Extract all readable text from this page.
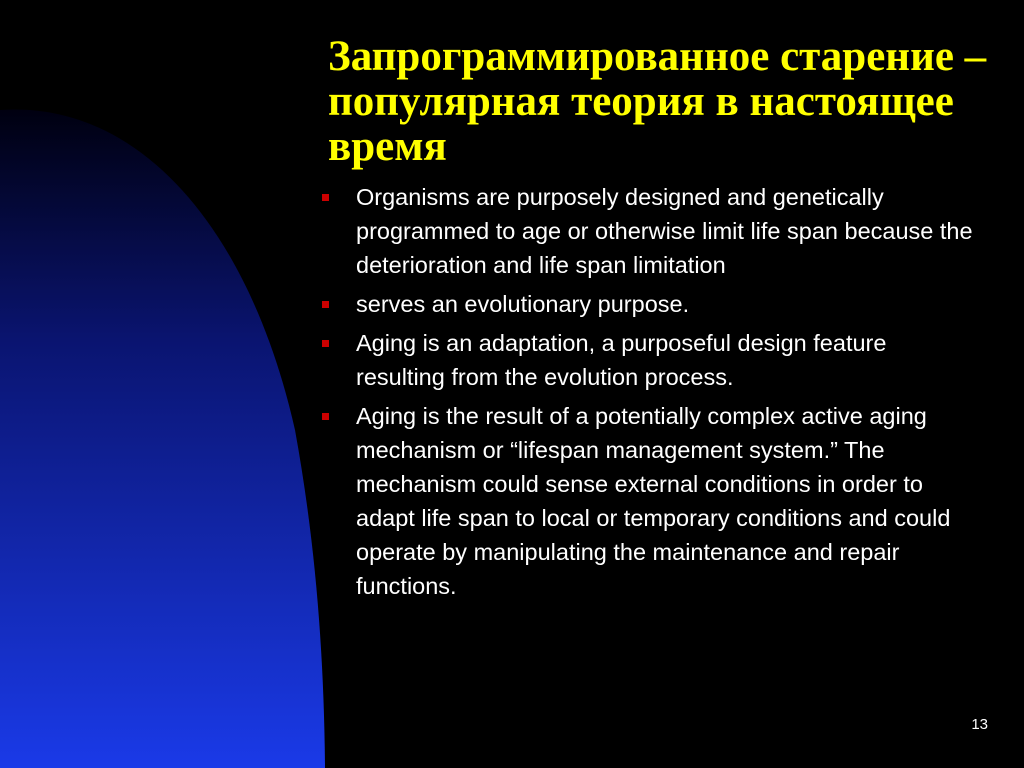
Запрограммированное старение – популярная теория в настоящее время
Organisms are purposely designed and genetically programmed to age or otherwise limit life span because the deterioration and life span limitation
serves an evolutionary purpose.
Aging is an adaptation, a purposeful design feature resulting from the evolution process.
Aging is the result of a potentially complex active aging mechanism or “lifespan management system.” The mechanism could sense external conditions in order to adapt life span to local or temporary conditions and could operate by manipulating the maintenance and repair functions.
13
